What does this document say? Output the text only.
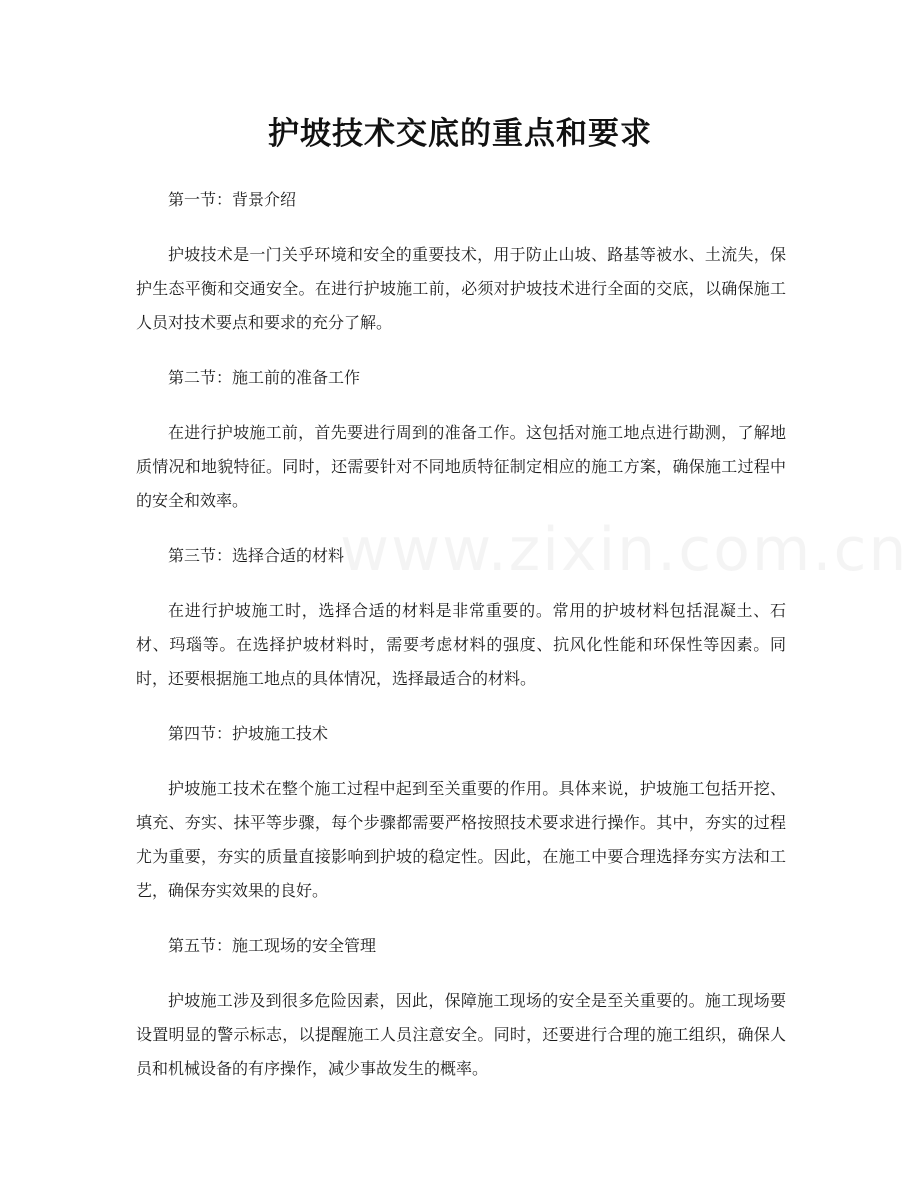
护坡技术交底的重点和要求

第一节：背景介绍

护坡技术是一门关乎环境和安全的重要技术，用于防止山坡、路基等被水、土流失，保护生态平衡和交通安全。在进行护坡施工前，必须对护坡技术进行全面的交底，以确保施工人员对技术要点和要求的充分了解。

第二节：施工前的准备工作

在进行护坡施工前，首先要进行周到的准备工作。这包括对施工地点进行勘测，了解地质情况和地貌特征。同时，还需要针对不同地质特征制定相应的施工方案，确保施工过程中的安全和效率。

第三节：选择合适的材料

在进行护坡施工时，选择合适的材料是非常重要的。常用的护坡材料包括混凝土、石材、玛瑙等。在选择护坡材料时，需要考虑材料的强度、抗风化性能和环保性等因素。同时，还要根据施工地点的具体情况，选择最适合的材料。

第四节：护坡施工技术

护坡施工技术在整个施工过程中起到至关重要的作用。具体来说，护坡施工包括开挖、填充、夯实、抹平等步骤，每个步骤都需要严格按照技术要求进行操作。其中，夯实的过程尤为重要，夯实的质量直接影响到护坡的稳定性。因此，在施工中要合理选择夯实方法和工艺，确保夯实效果的良好。

第五节：施工现场的安全管理

护坡施工涉及到很多危险因素，因此，保障施工现场的安全是至关重要的。施工现场要设置明显的警示标志，以提醒施工人员注意安全。同时，还要进行合理的施工组织，确保人员和机械设备的有序操作，减少事故发生的概率。
